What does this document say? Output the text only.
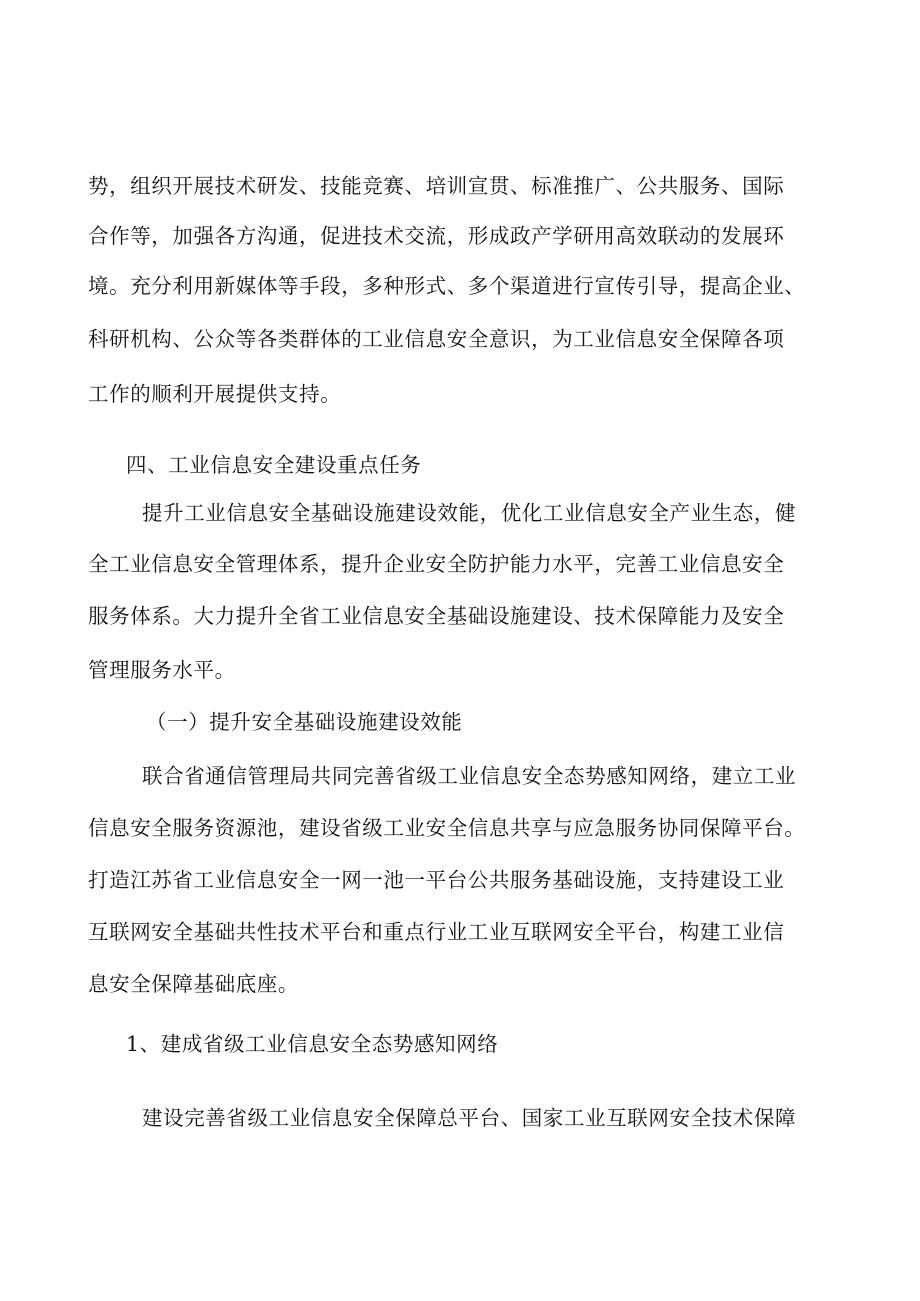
势，组织开展技术研发、技能竞赛、培训宣贯、标准推广、公共服务、国际
合作等，加强各方沟通，促进技术交流，形成政产学研用高效联动的发展环
境。充分利用新媒体等手段，多种形式、多个渠道进行宣传引导，提高企业、
科研机构、公众等各类群体的工业信息安全意识，为工业信息安全保障各项
工作的顺利开展提供支持。
四、工业信息安全建设重点任务
提升工业信息安全基础设施建设效能，优化工业信息安全产业生态，健
全工业信息安全管理体系，提升企业安全防护能力水平，完善工业信息安全
服务体系。大力提升全省工业信息安全基础设施建设、技术保障能力及安全
管理服务水平。
（一）提升安全基础设施建设效能
联合省通信管理局共同完善省级工业信息安全态势感知网络，建立工业
信息安全服务资源池，建设省级工业安全信息共享与应急服务协同保障平台。
打造江苏省工业信息安全一网一池一平台公共服务基础设施，支持建设工业
互联网安全基础共性技术平台和重点行业工业互联网安全平台，构建工业信
息安全保障基础底座。
1、建成省级工业信息安全态势感知网络
建设完善省级工业信息安全保障总平台、国家工业互联网安全技术保障
